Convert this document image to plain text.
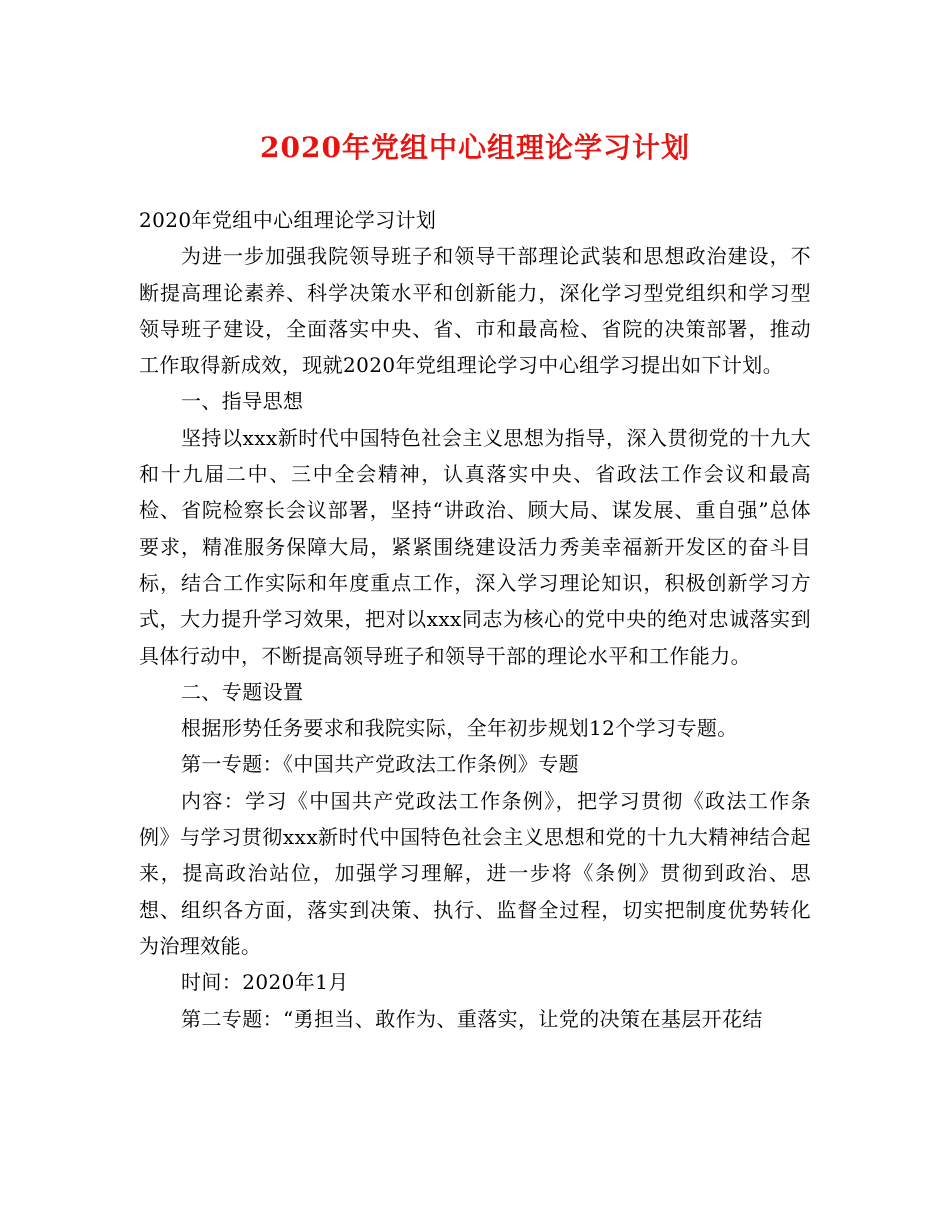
2020年党组中心组理论学习计划

2020年党组中心组理论学习计划

为进一步加强我院领导班子和领导干部理论武装和思想政治建设，不断提高理论素养、科学决策水平和创新能力，深化学习型党组织和学习型领导班子建设，全面落实中央、省、市和最高检、省院的决策部署，推动工作取得新成效，现就2020年党组理论学习中心组学习提出如下计划。

一、指导思想

坚持以xxx新时代中国特色社会主义思想为指导，深入贯彻党的十九大和十九届二中、三中全会精神，认真落实中央、省政法工作会议和最高检、省院检察长会议部署，坚持“讲政治、顾大局、谋发展、重自强”总体要求，精准服务保障大局，紧紧围绕建设活力秀美幸福新开发区的奋斗目标，结合工作实际和年度重点工作，深入学习理论知识，积极创新学习方式，大力提升学习效果，把对以xxx同志为核心的党中央的绝对忠诚落实到具体行动中，不断提高领导班子和领导干部的理论水平和工作能力。

二、专题设置

根据形势任务要求和我院实际，全年初步规划12个学习专题。

第一专题：《中国共产党政法工作条例》专题

内容：学习《中国共产党政法工作条例》，把学习贯彻《政法工作条例》与学习贯彻xxx新时代中国特色社会主义思想和党的十九大精神结合起来，提高政治站位，加强学习理解，进一步将《条例》贯彻到政治、思想、组织各方面，落实到决策、执行、监督全过程，切实把制度优势转化为治理效能。

时间：2020年1月

第二专题：“勇担当、敢作为、重落实，让党的决策在基层开花结
